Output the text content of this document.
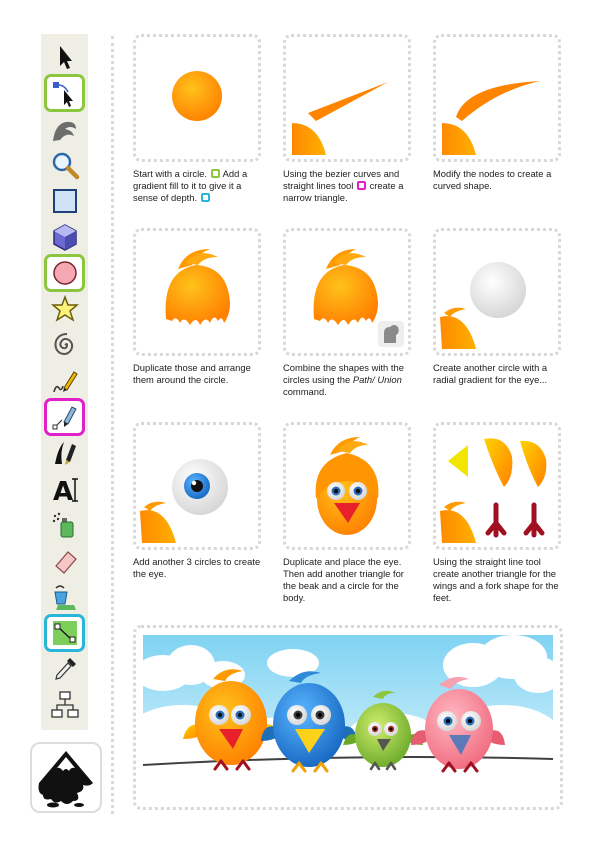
A
Start with a circle.  Add a gradient fill to it to give it a sense of depth.
Using the bezier curves and straight lines tool  create a narrow triangle.
Modify the nodes to create a curved shape.
Duplicate those and arrange them around the circle.
Combine the shapes with the circles using the Path/ Union command.
Create another circle with a radial gradient for the eye...
Add another 3 circles to create the eye.
Duplicate and place the eye. Then add another triangle for the beak and a circle for the body.
Using the straight line tool create another triangle for the wings and a fork shape for the feet.
